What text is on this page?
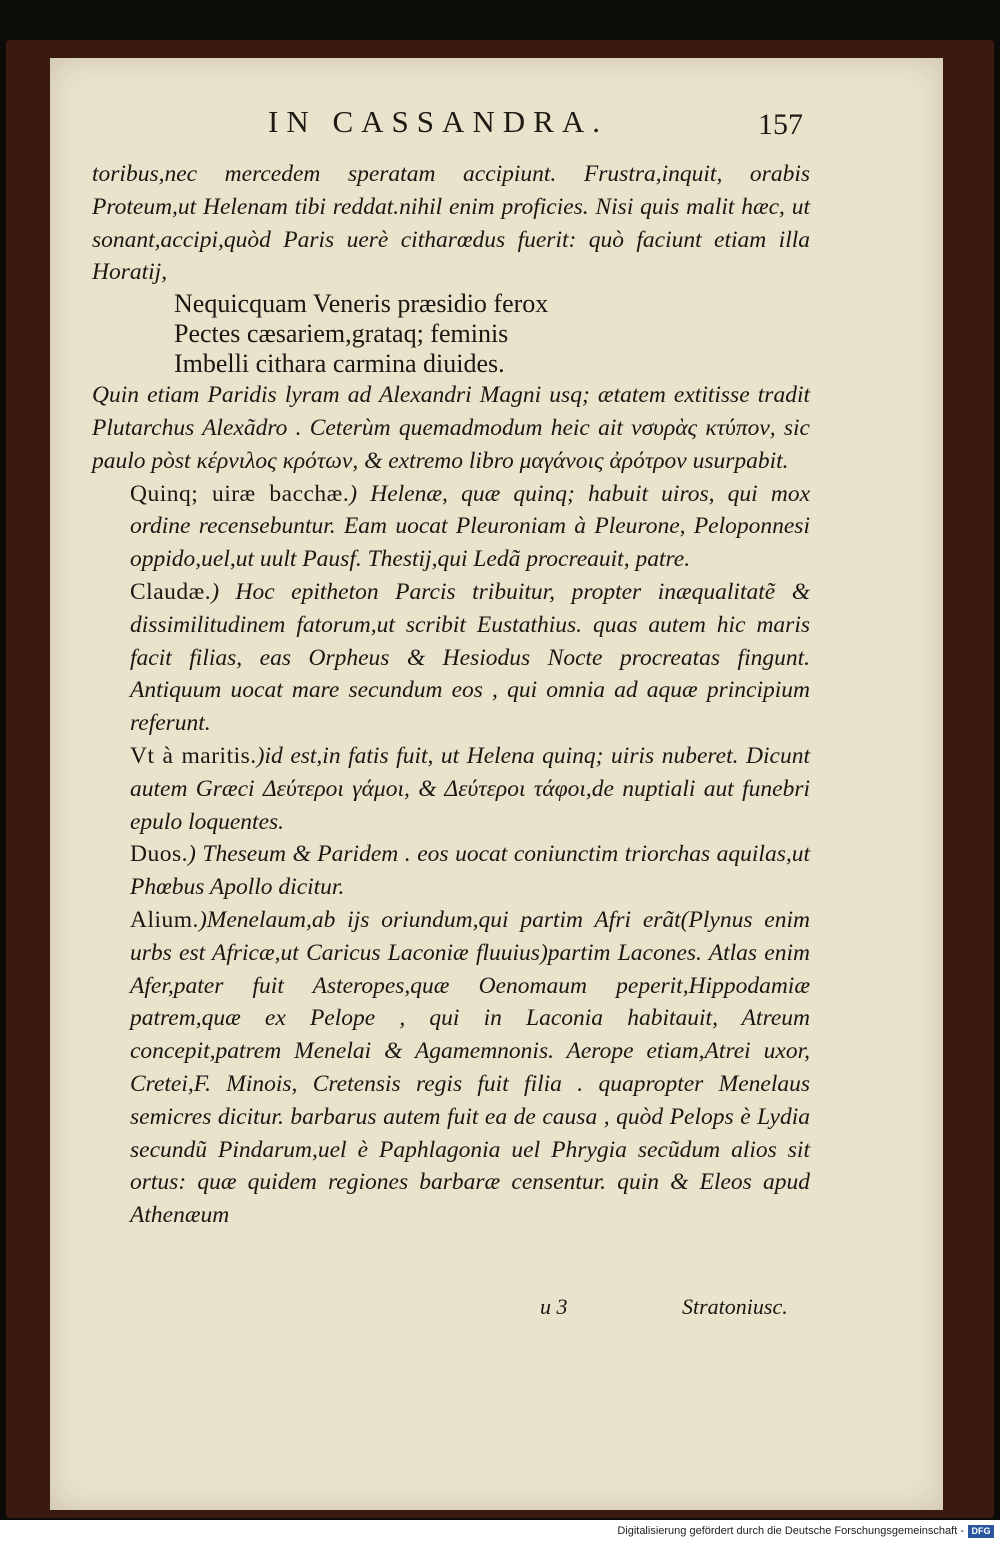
IN CASSANDRA.	157
toribus,nec mercedem speratam accipiunt. Frustra,inquit, orabis Proteum,ut Helenam tibi reddat.nihil enim proficies. Nisi quis malit hæc, ut sonant,accipi,quòd Paris uerè citharœdus fuerit: quò faciunt etiam illa Horatij,
Nequicquam Veneris præsidio ferox
Pectes cæsariem,grataq; feminis
Imbelli cithara carmina diuides.
Quin etiam Paridis lyram ad Alexandri Magni usq; ætatem extitisse tradit Plutarchus Alexãdro . Ceterùm quemadmodum heic ait νσυρὰς κτύπον, sic paulo pòst κέρνιλος κρότων, & extremo libro μαγάνοις ἀρότρον usurpabit.
Quinq; uiræ bacchæ.) Helenæ, quæ quinq; habuit uiros, qui mox ordine recensebuntur. Eam uocat Pleuroniam à Pleurone, Peloponnesi oppido,uel,ut uult Pausf. Thestij,qui Ledã procreauit, patre.
Claudæ.) Hoc epitheton Parcis tribuitur, propter inæqualitatẽ & dissimilitudinem fatorum,ut scribit Eustathius. quas autem hic maris facit filias, eas Orpheus & Hesiodus Nocte procreatas fingunt. Antiquum uocat mare secundum eos , qui omnia ad aquæ principium referunt.
Vt à maritis.)id est,in fatis fuit, ut Helena quinq; uiris nuberet. Dicunt autem Græci Δεύτεροι γάμοι, & Δεύτεροι τάφοι,de nuptiali aut funebri epulo loquentes.
Duos.) Theseum & Paridem . eos uocat coniunctim triorchas aquilas,ut Phœbus Apollo dicitur.
Alium.)Menelaum,ab ijs oriundum,qui partim Afri erãt(Plynus enim urbs est Africæ,ut Caricus Laconiæ fluuius)partim Lacones. Atlas enim Afer,pater fuit Asteropes,quæ Oenomaum peperit,Hippodamiæ patrem,quæ ex Pelope , qui in Laconia habitauit, Atreum concepit,patrem Menelai & Agamemnonis. Aerope etiam,Atrei uxor, Cretei,F. Minois, Cretensis regis fuit filia . quapropter Menelaus semicres dicitur. barbarus autem fuit ea de causa , quòd Pelops è Lydia secundũ Pindarum,uel è Paphlagonia uel Phrygia secũdum alios sit ortus: quæ quidem regiones barbaræ censentur. quin & Eleos apud Athenæum
u 3	Stratoniusc.
Digitalisierung gefördert durch die Deutsche Forschungsgemeinschaft - DFG
